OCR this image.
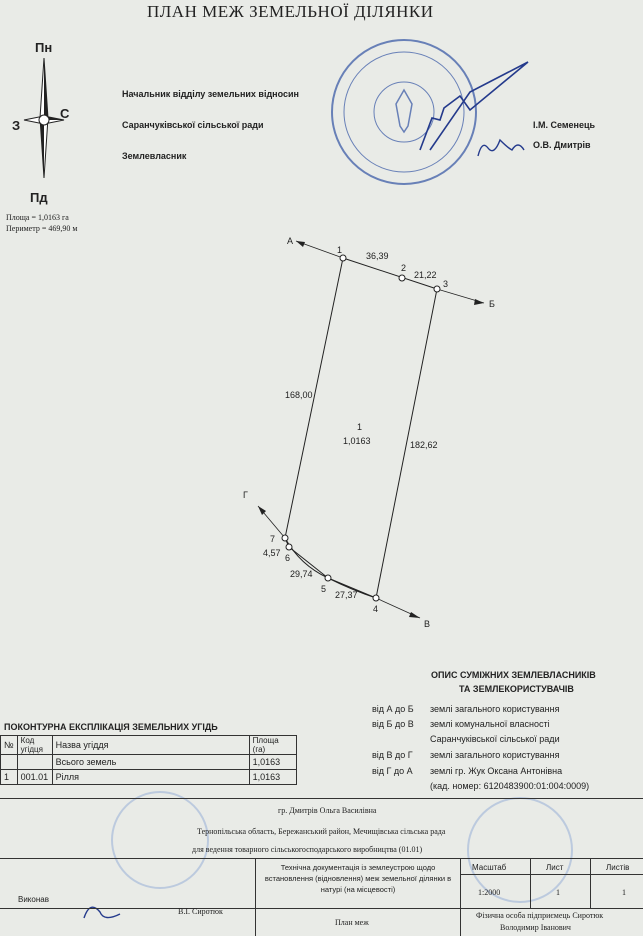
ПЛАН МЕЖ ЗЕМЕЛЬНОЇ ДІЛЯНКИ
Пн
Пд
З
С
Площа = 1,0163 га
Периметр = 469,90 м
Начальник відділу земельних відносин
Саранчуківської сільської ради
Землевласник
І.М. Семенець
О.В. Дмитрів
А
Б
В
Г
1
2
3
4
5
6
7
36,39
21,22
168,00
182,62
4,57
29,74
27,37
1
1,0163
ОПИС СУМІЖНИХ ЗЕМЛЕВЛАСНИКІВ
ТА ЗЕМЛЕКОРИСТУВАЧІВ
від А до Б землі загального користування
від Б до В землі комунальної власності
Саранчуківської сільської ради
від В до Г землі загального користування
від Г до А землі гр. Жук Оксана Антонівна
(кад. номер: 6120483900:01:004:0009)
ПОКОНТУРНА ЕКСПЛІКАЦІЯ ЗЕМЕЛЬНИХ УГІДЬ
№	Код угідця	Назва угіддя	Площа (га)
		Всього земель	1,0163
1	001.01	Рілля	1,0163
гр. Дмитрів Ольга Василівна
Тернопільська область, Бережанський район, Мечищівська сільська рада
для ведення товарного сільськогосподарського виробництва (01.01)
Технічна документація із землеустрою щодо встановлення (відновлення) меж земельної ділянки в натурі (на місцевості)
Масштаб	Лист	Листів
1:2000	1	1
Виконав
В.І. Сиротюк
План меж
Фізична особа підприємець Сиротюк
Володимир Іванович
